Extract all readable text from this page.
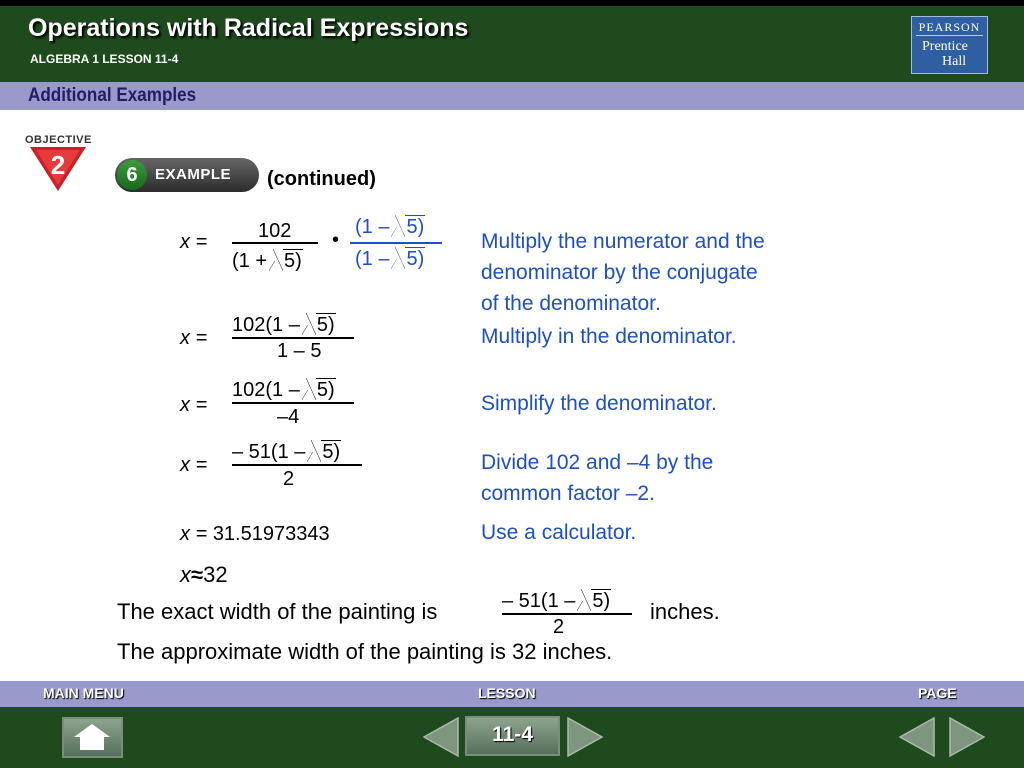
Operations with Radical Expressions
ALGEBRA 1 LESSON 11-4
PEARSON
Prentice
Hall
Additional Examples
OBJECTIVE
2	6	EXAMPLE (continued)
x =	102
(1 + 5)
•
(1 – 5)
(1 – 5)
Multiply the numerator and the
denominator by the conjugate
of the denominator.
x =
102(1 – 5)
1 – 5
Multiply in the denominator.
x =
102(1 – 5)
–4
Simplify the denominator.
x =
– 51(1 – 5)
2
Divide 102 and –4 by the
common factor –2.
x = 31.51973343	Use a calculator.
x≈32
The exact width of the painting is	– 51(1 – 5)
2
inches.
The approximate width of the painting is 32 inches.
MAIN MENU	LESSON	PAGE
11-4
